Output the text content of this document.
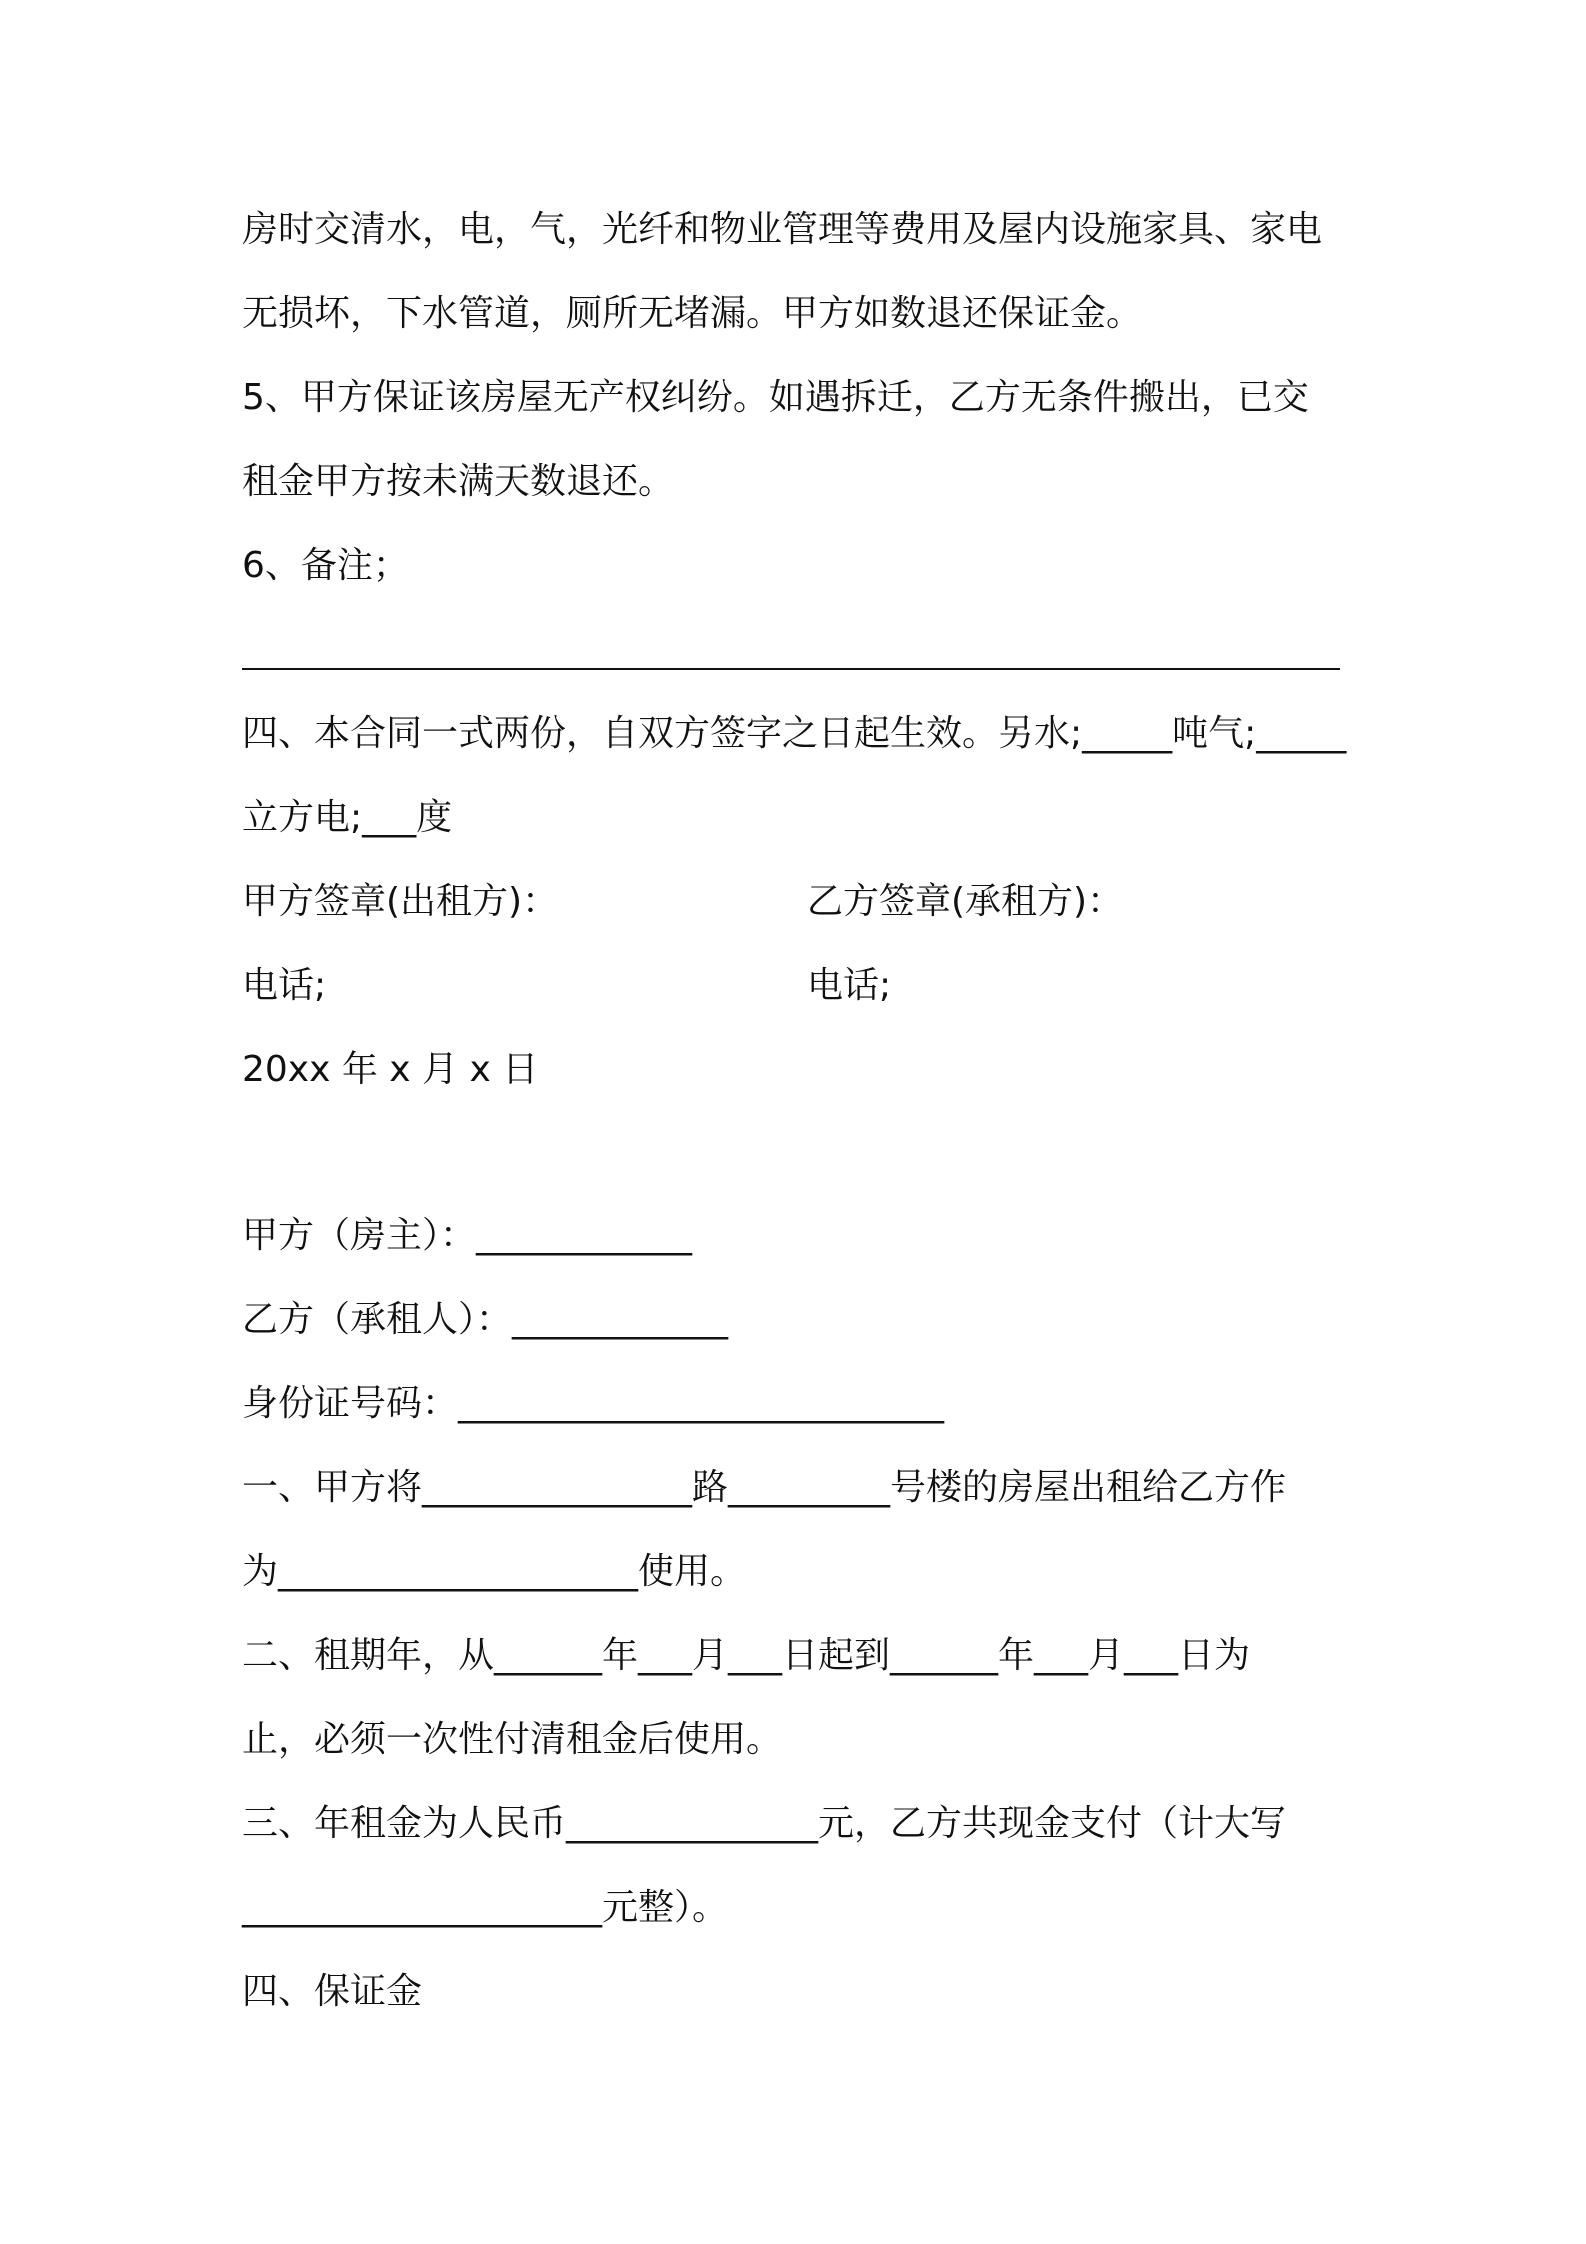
房时交清水，电，气，光纤和物业管理等费用及屋内设施家具、家电
无损坏，下水管道，厕所无堵漏。甲方如数退还保证金。
5、甲方保证该房屋无产权纠纷。如遇拆迁，乙方无条件搬出，已交
租金甲方按未满天数退还。
6、备注；
四、本合同一式两份，自双方签字之日起生效。另水;_____吨气;_____
立方电;___度
甲方签章(出租方)：	乙方签章(承租方)：
电话;	电话;
20xx 年 x 月 x 日
甲方（房主）：____________
乙方（承租人）：____________
身份证号码：___________________________
一、甲方将_______________路_________号楼的房屋出租给乙方作
为____________________使用。
二、租期年，从______年___月___日起到______年___月___日为
止，必须一次性付清租金后使用。
三、年租金为人民币______________元，乙方共现金支付（计大写
____________________元整）。
四、保证金
